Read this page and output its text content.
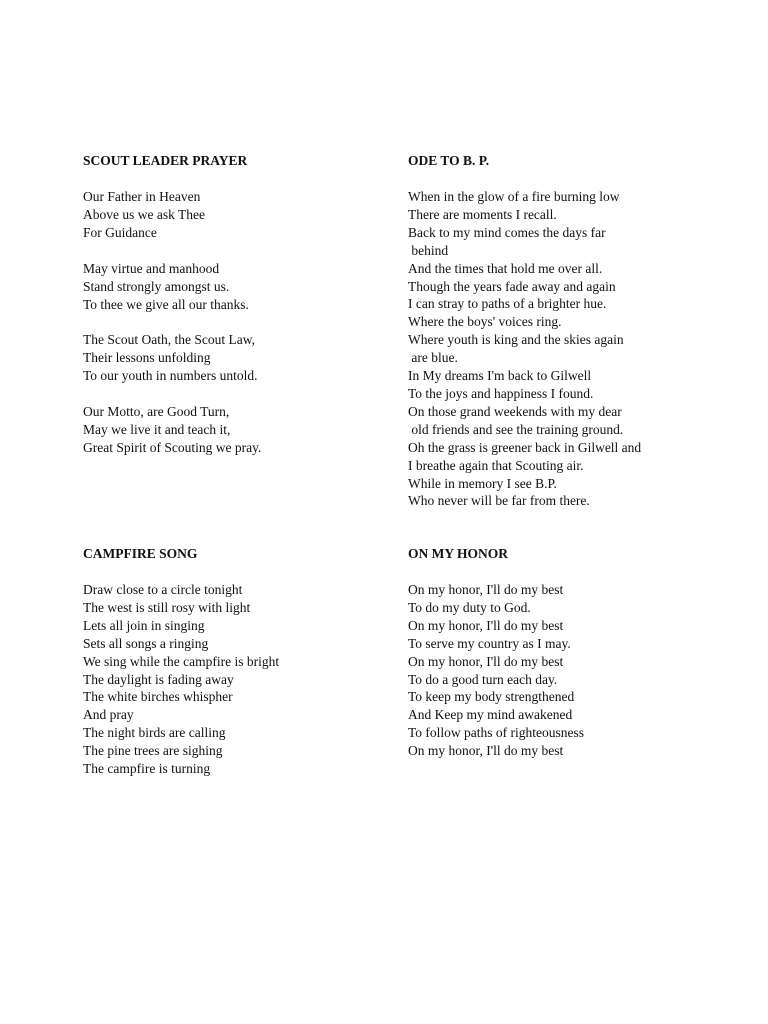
SCOUT LEADER PRAYER
Our Father in Heaven
Above us we ask Thee
For Guidance
May virtue and manhood
Stand strongly amongst us.
To thee we give all our thanks.
The Scout Oath, the Scout Law,
Their lessons unfolding
To our youth in numbers untold.
Our Motto, are Good Turn,
May we live it and teach it,
Great Spirit of Scouting we pray.
ODE TO B. P.
When in the glow of a fire burning low
There are moments I recall.
Back to my mind comes the days far
behind
And the times that hold me over all.
Though the years fade away and again
I can stray to paths of a brighter hue.
Where the boys' voices ring.
Where youth is king and the skies again
are blue.
In My dreams I'm back to Gilwell
To the joys and happiness I found.
On those grand weekends with my dear
old friends and see the training ground.
Oh the grass is greener back in Gilwell and
I breathe again that Scouting air.
While in memory I see B.P.
Who never will be far from there.
CAMPFIRE SONG
Draw close to a circle tonight
The west is still rosy with light
Lets all join in singing
Sets all songs a ringing
We sing while the campfire is bright
The daylight is fading away
The white birches whispher
And pray
The night birds are calling
The pine trees are sighing
The campfire is turning
ON MY HONOR
On my honor, I'll do my best
To do my duty to God.
On my honor, I'll do my best
To serve my country as I may.
On my honor, I'll do my best
To do a good turn each day.
To keep my body strengthened
And Keep my mind awakened
To follow paths of righteousness
On my honor, I'll do my best
